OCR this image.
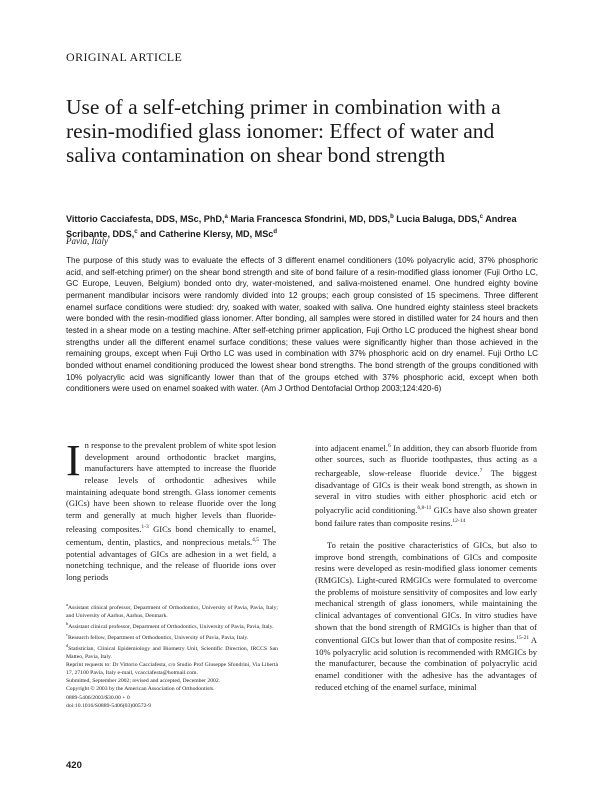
ORIGINAL ARTICLE
Use of a self-etching primer in combination with a resin-modified glass ionomer: Effect of water and saliva contamination on shear bond strength
Vittorio Cacciafesta, DDS, MSc, PhD,$^a$ Maria Francesca Sfondrini, MD, DDS,$^b$ Lucia Baluga, DDS,$^c$ Andrea Scribante, DDS,$^c$ and Catherine Klersy, MD, MSc$^d$
Pavia, Italy

The purpose of this study was to evaluate the effects of 3 different enamel conditioners (10% polyacrylic acid, 37% phosphoric acid, and self-etching primer) on the shear bond strength and site of bond failure of a resin-modified glass ionomer (Fuji Ortho LC, GC Europe, Leuven, Belgium) bonded onto dry, water-moistened, and saliva-moistened enamel. One hundred eighty bovine permanent mandibular incisors were randomly divided into 12 groups; each group consisted of 15 specimens. Three different enamel surface conditions were studied: dry, soaked with water, soaked with saliva. One hundred eighty stainless steel brackets were bonded with the resin-modified glass ionomer. After bonding, all samples were stored in distilled water for 24 hours and then tested in a shear mode on a testing machine. After self-etching primer application, Fuji Ortho LC produced the highest shear bond strengths under all the different enamel surface conditions; these values were significantly higher than those achieved in the remaining groups, except when Fuji Ortho LC was used in combination with 37% phosphoric acid on dry enamel. Fuji Ortho LC bonded without enamel conditioning produced the lowest shear bond strengths. The bond strength of the groups conditioned with 10% polyacrylic acid was significantly lower than that of the groups etched with 37% phosphoric acid, except when both conditioners were used on enamel soaked with water. (Am J Orthod Dentofacial Orthop 2003;124:420-6)

In response to the prevalent problem of white spot lesion development around orthodontic bracket margins, manufacturers have attempted to increase the fluoride release levels of orthodontic adhesives while maintaining adequate bond strength. Glass ionomer cements (GICs) have been shown to release fluoride over the long term and generally at much higher levels than fluoride-releasing composites.$^{1-3}$ GICs bond chemically to enamel, cementum, dentin, plastics, and nonprecious metals.$^{4,5}$ The potential advantages of GICs are adhesion in a wet field, a nonetching technique, and the release of fluoride ions over long periods

$^a$Assistant clinical professor, Department of Orthodontics, University of Pavia, Pavia, Italy; and University of Aarhus, Aarhus, Denmark.

$^b$Assistant clinical professor, Department of Orthodontics, University of Pavia, Pavia, Italy.

$^c$Research fellow, Department of Orthodontics, University of Pavia, Pavia, Italy.

$^d$Statistician, Clinical Epidemiology and Biometry Unit, Scientific Direction, IRCCS San Matteo, Pavia, Italy.

Reprint requests to: Dr Vittorio Cacciafesta, c/o Studio Prof Giuseppe Sfondrini, Via Libertà 17, 27100 Pavia, Italy e-mail, vcacciafesta@hotmail.com.

Submitted, September 2002; revised and accepted, December 2002.

Copyright © 2003 by the American Association of Orthodontists.

0889-5406/2003/$30.00 + 0

doi:10.1016/S0889-5406(03)00572-9

into adjacent enamel.$^6$ In addition, they can absorb fluoride from other sources, such as fluoride toothpastes, thus acting as a rechargeable, slow-release fluoride device.$^7$ The biggest disadvantage of GICs is their weak bond strength, as shown in several in vitro studies with either phosphoric acid etch or polyacrylic acid conditioning.$^{6,8-11}$ GICs have also shown greater bond failure rates than composite resins.$^{12-14}$

To retain the positive characteristics of GICs, but also to improve bond strength, combinations of GICs and composite resins were developed as resin-modified glass ionomer cements (RMGICs). Light-cured RMGICs were formulated to overcome the problems of moisture sensitivity of composites and low early mechanical strength of glass ionomers, while maintaining the clinical advantages of conventional GICs. In vitro studies have shown that the bond strength of RMGICs is higher than that of conventional GICs but lower than that of composite resins.$^{15-21}$ A 10% polyacrylic acid solution is recommended with RMGICs by the manufacturer, because the combination of polyacrylic acid enamel conditioner with the adhesive has the advantages of reduced etching of the enamel surface, minimal

420
